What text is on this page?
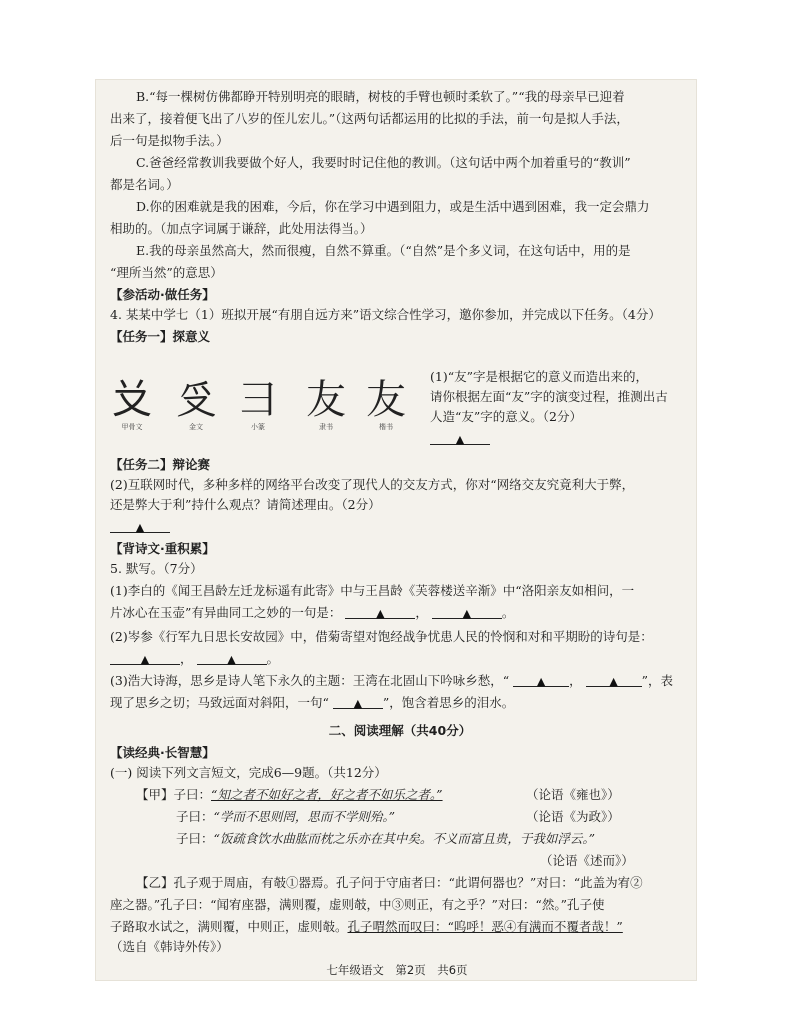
B.“每一棵树仿佛都睁开特别明亮的眼睛，树枝的手臂也顿时柔软了。”“我的母亲早已迎着
出来了，接着便飞出了八岁的侄儿宏儿。”（这两句话都运用的比拟的手法，前一句是拟人手法，
后一句是拟物手法。）
C.爸爸经常教训我要做个好人，我要时时记住他的教训。（这句话中两个加着重号的“教训”
都是名词。）
D.你的困难就是我的困难，今后，你在学习中遇到阻力，或是生活中遇到困难，我一定会鼎力
相助的。（加点字词属于谦辞，此处用法得当。）
E.我的母亲虽然高大，然而很瘦，自然不算重。（“自然”是个多义词，在这句话中，用的是
“理所当然”的意思）
【参活动·做任务】
4. 某某中学七（1）班拟开展“有朋自远方来”语文综合性学习，邀你参加，并完成以下任务。（4分）
【任务一】探意义
𠬠
甲骨文
𠬪
金文
彐
小篆
友
隶书
友
楷书
(1)“友”字是根据它的意义而造出来的，
请你根据左面“友”字的演变过程，推测出古
人造“友”字的意义。（2分）
▲
【任务二】辩论赛
(2)互联网时代，多种多样的网络平台改变了现代人的交友方式，你对“网络交友究竟利大于弊，
还是弊大于利”持什么观点？请简述理由。（2分）
▲
【背诗文·重积累】
5. 默写。（7分）
(1)李白的《闻王昌龄左迁龙标遥有此寄》中与王昌龄《芙蓉楼送辛渐》中“洛阳亲友如相问，一
片冰心在玉壶”有异曲同工之妙的一句是：	▲ ，	▲ 。
(2)岑参《行军九日思长安故园》中，借菊寄望对饱经战争忧患人民的怜悯和对和平期盼的诗句是：
▲ ，	▲ 。
(3)浩大诗海，思乡是诗人笔下永久的主题：王湾在北固山下吟咏乡愁，“	▲ ，	▲ ”，表
现了思乡之切；马致远面对斜阳，一句“ ▲ ”，饱含着思乡的泪水。
二、阅读理解（共40分）
【读经典·长智慧】
(一) 阅读下列文言短文，完成6—9题。（共12分）
【甲】子曰：“知之者不如好之者，好之者不如乐之者。”	（论语《雍也》）
子曰：“学而不思则罔，思而不学则殆。”	（论语《为政》）
子曰：“饭疏食饮水曲肱而枕之乐亦在其中矣。不义而富且贵，于我如浮云。”
（论语《述而》）
【乙】孔子观于周庙，有攲①器焉。孔子问于守庙者曰：“此谓何器也？”对曰：“此盖为宥②
座之器。”孔子曰：“闻宥座器，满则覆，虚则攲，中③则正，有之乎？”对曰：“然。”孔子使
子路取水试之，满则覆，中则正，虚则攲。孔子喟然而叹曰：“呜呼！恶④有满而不覆者哉！”
（选自《韩诗外传》）
七年级语文　第2页　共6页
